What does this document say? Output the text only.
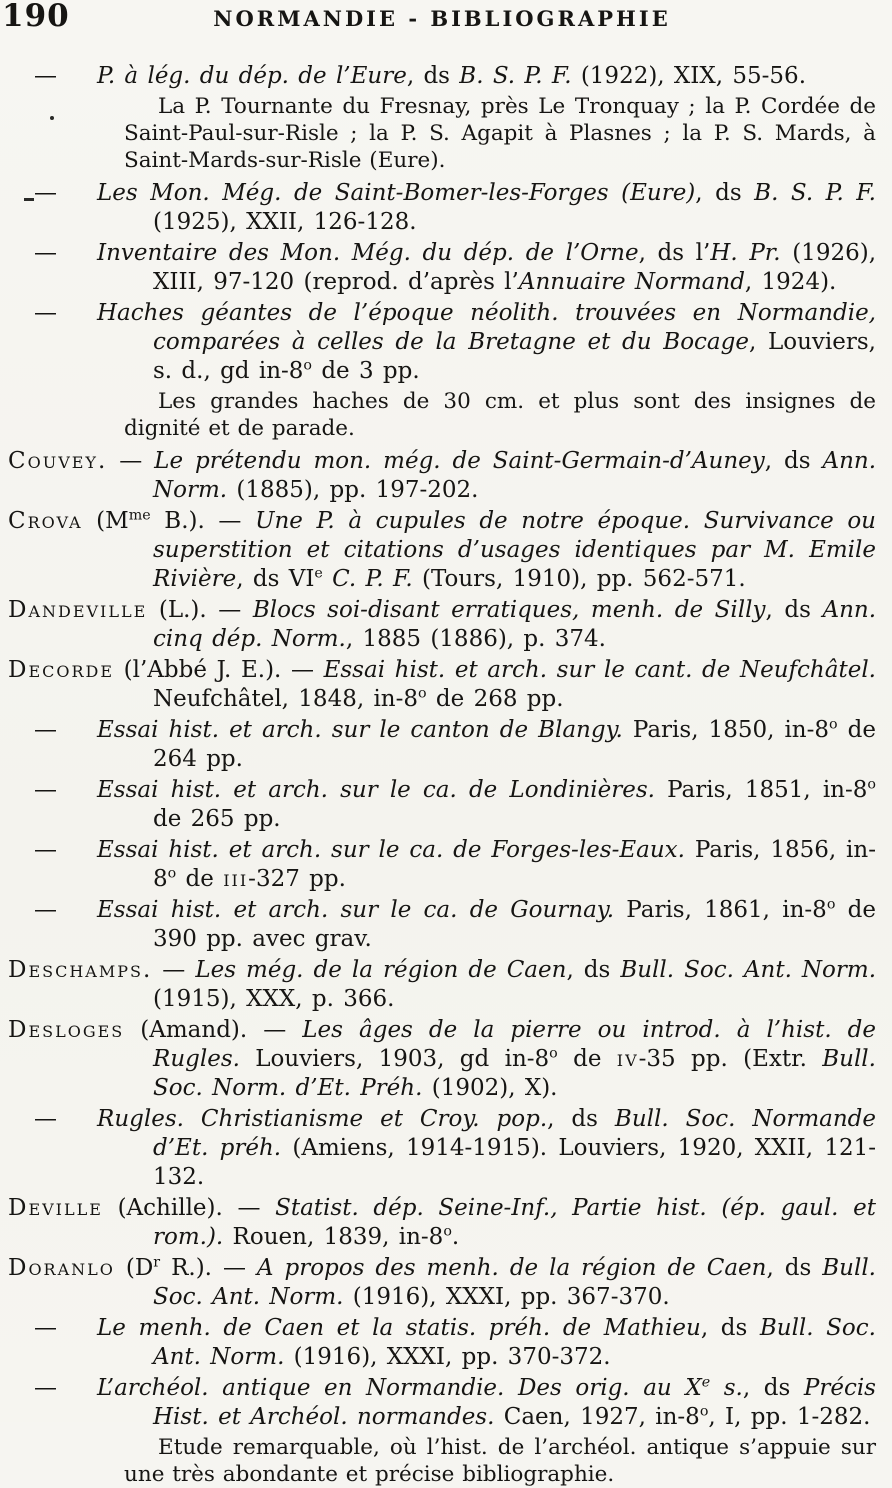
190	NORMANDIE - BIBLIOGRAPHIE

— P. à lég. du dép. de l’Eure, ds B. S. P. F. (1922), XIX, 55-56.

La P. Tournante du Fresnay, près Le Tronquay ; la P. Cordée de Saint-Paul-sur-Risle ; la P. S. Agapit à Plasnes ; la P. S. Mards, à Saint-Mards-sur-Risle (Eure).

— Les Mon. Még. de Saint-Bomer-les-Forges (Eure), ds B. S. P. F. (1925), XXII, 126-128.

— Inventaire des Mon. Még. du dép. de l’Orne, ds l’H. Pr. (1926), XIII, 97-120 (reprod. d’après l’Annuaire Normand, 1924).

— Haches géantes de l’époque néolith. trouvées en Normandie, comparées à celles de la Bretagne et du Bocage, Louviers, s. d., gd in-8$^o$ de 3 pp.

Les grandes haches de 30 cm. et plus sont des insignes de dignité et de parade.

Couvey. — Le prétendu mon. még. de Saint-Germain-d’Auney, ds Ann. Norm. (1885), pp. 197-202.

Crova ($M^{me}$ B.). — Une P. à cupules de notre époque. Survivance ou superstition et citations d’usages identiques par M. Emile Rivière, ds VIe C. P. F. (Tours, 1910), pp. 562-571.

Dandeville (L.). — Blocs soi-disant erratiques, menh. de Silly, ds Ann. cinq dép. Norm., 1885 (1886), p. 374.

Decorde (l’Abbé J. E.). — Essai hist. et arch. sur le cant. de Neufchâtel. Neufchâtel, 1848, in-8$^o$ de 268 pp.

— Essai hist. et arch. sur le canton de Blangy. Paris, 1850, in-8$^o$ de 264 pp.

— Essai hist. et arch. sur le ca. de Londinières. Paris, 1851, in-8$^o$ de 265 pp.

— Essai hist. et arch. sur le ca. de Forges-les-Eaux. Paris, 1856, in-8$^o$ de iii-327 pp.

— Essai hist. et arch. sur le ca. de Gournay. Paris, 1861, in-8$^o$ de 390 pp. avec grav.

Deschamps. — Les még. de la région de Caen, ds Bull. Soc. Ant. Norm. (1915), XXX, p. 366.

Desloges (Amand). — Les âges de la pierre ou introd. à l’hist. de Rugles. Louviers, 1903, gd in-8$^o$ de iv-35 pp. (Extr. Bull. Soc. Norm. d’Et. Préh. (1902), X).

— Rugles. Christianisme et Croy. pop., ds Bull. Soc. Normande d’Et. préh. (Amiens, 1914-1915). Louviers, 1920, XXII, 121-132.

Deville (Achille). — Statist. dép. Seine-Inf., Partie hist. (ép. gaul. et rom.). Rouen, 1839, in-8$^o$.

Doranlo ($D^r$ R.). — A propos des menh. de la région de Caen, ds Bull. Soc. Ant. Norm. (1916), XXXI, pp. 367-370.

— Le menh. de Caen et la statis. préh. de Mathieu, ds Bull. Soc. Ant. Norm. (1916), XXXI, pp. 370-372.

— L’archéol. antique en Normandie. Des orig. au Xe s., ds Précis Hist. et Archéol. normandes. Caen, 1927, in-8$^o$, I, pp. 1-282.

Etude remarquable, où l’hist. de l’archéol. antique s’appuie sur une très abondante et précise bibliographie.
